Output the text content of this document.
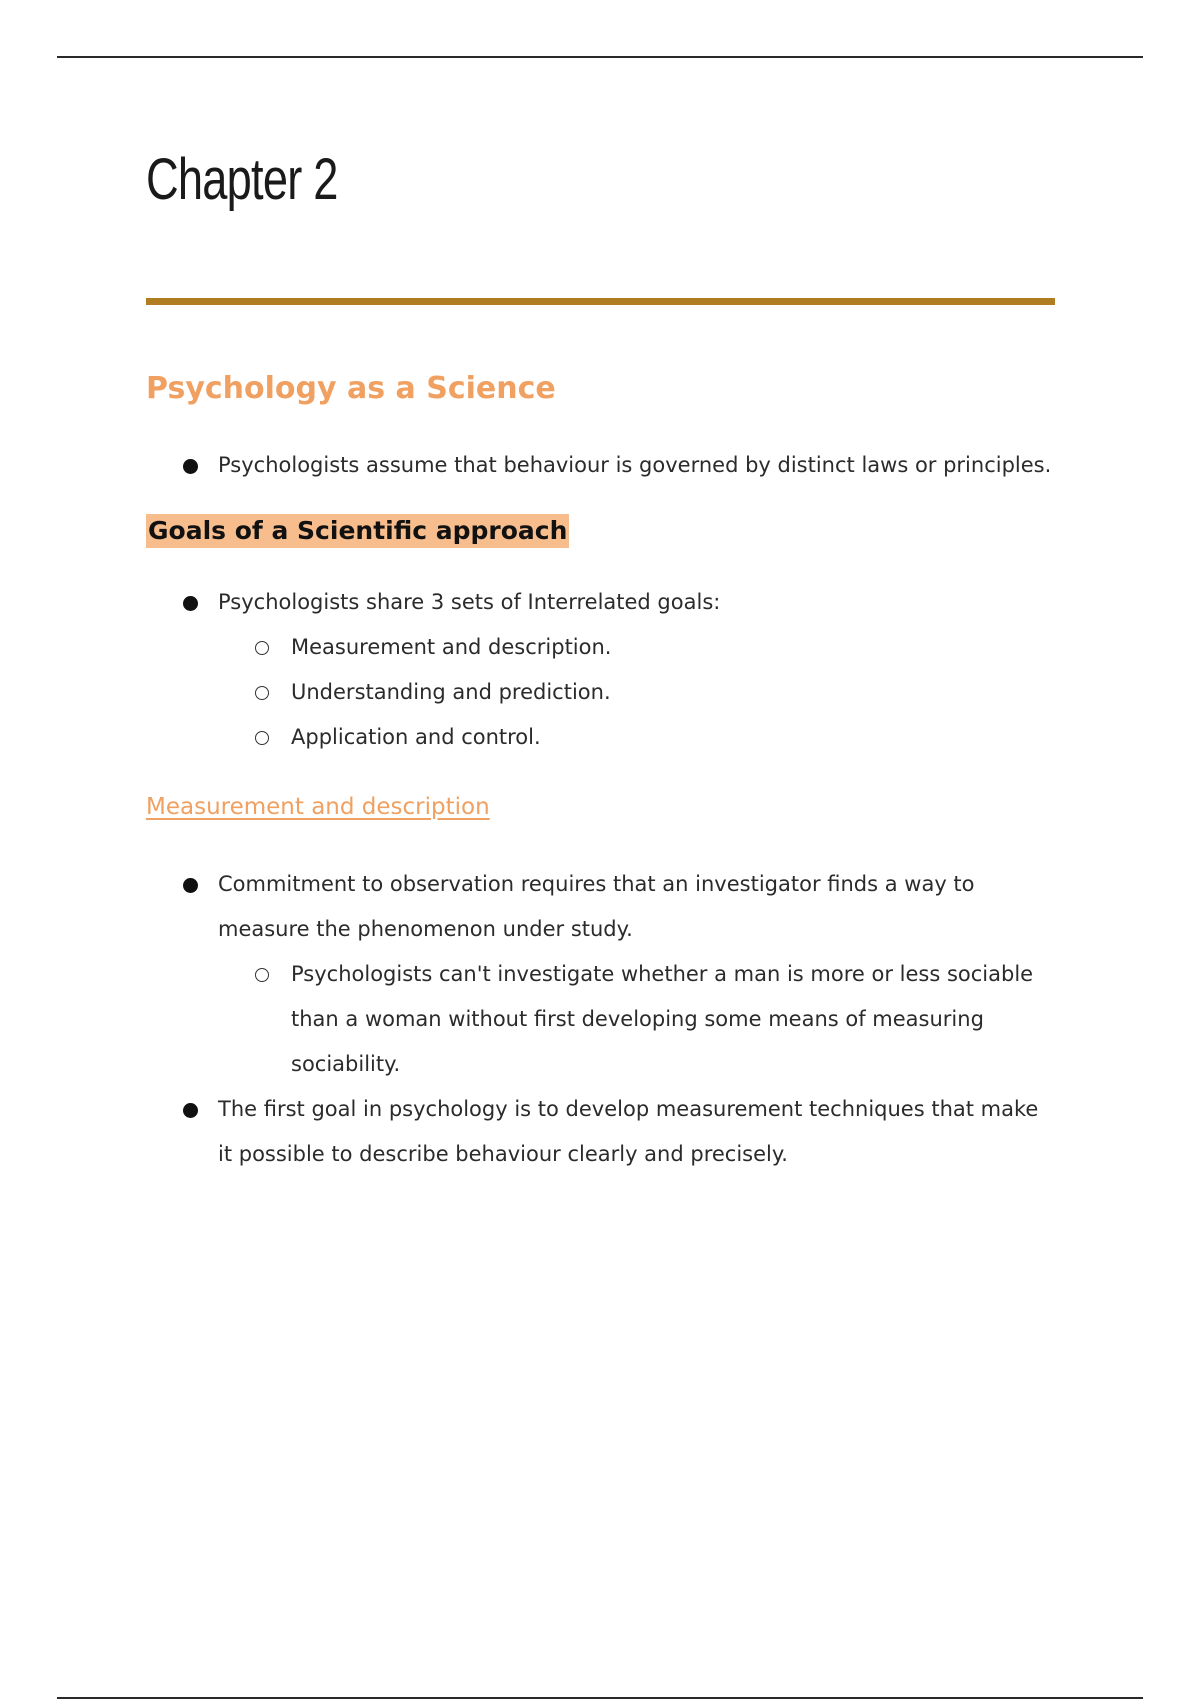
Chapter 2
Psychology as a Science
Psychologists assume that behaviour is governed by distinct laws or principles.
Goals of a Scientific approach
Psychologists share 3 sets of Interrelated goals:
Measurement and description.
Understanding and prediction.
Application and control.
Measurement and description
Commitment to observation requires that an investigator finds a way to measure the phenomenon under study.
Psychologists can't investigate whether a man is more or less sociable than a woman without first developing some means of measuring sociability.
The first goal in psychology is to develop measurement techniques that make it possible to describe behaviour clearly and precisely.
